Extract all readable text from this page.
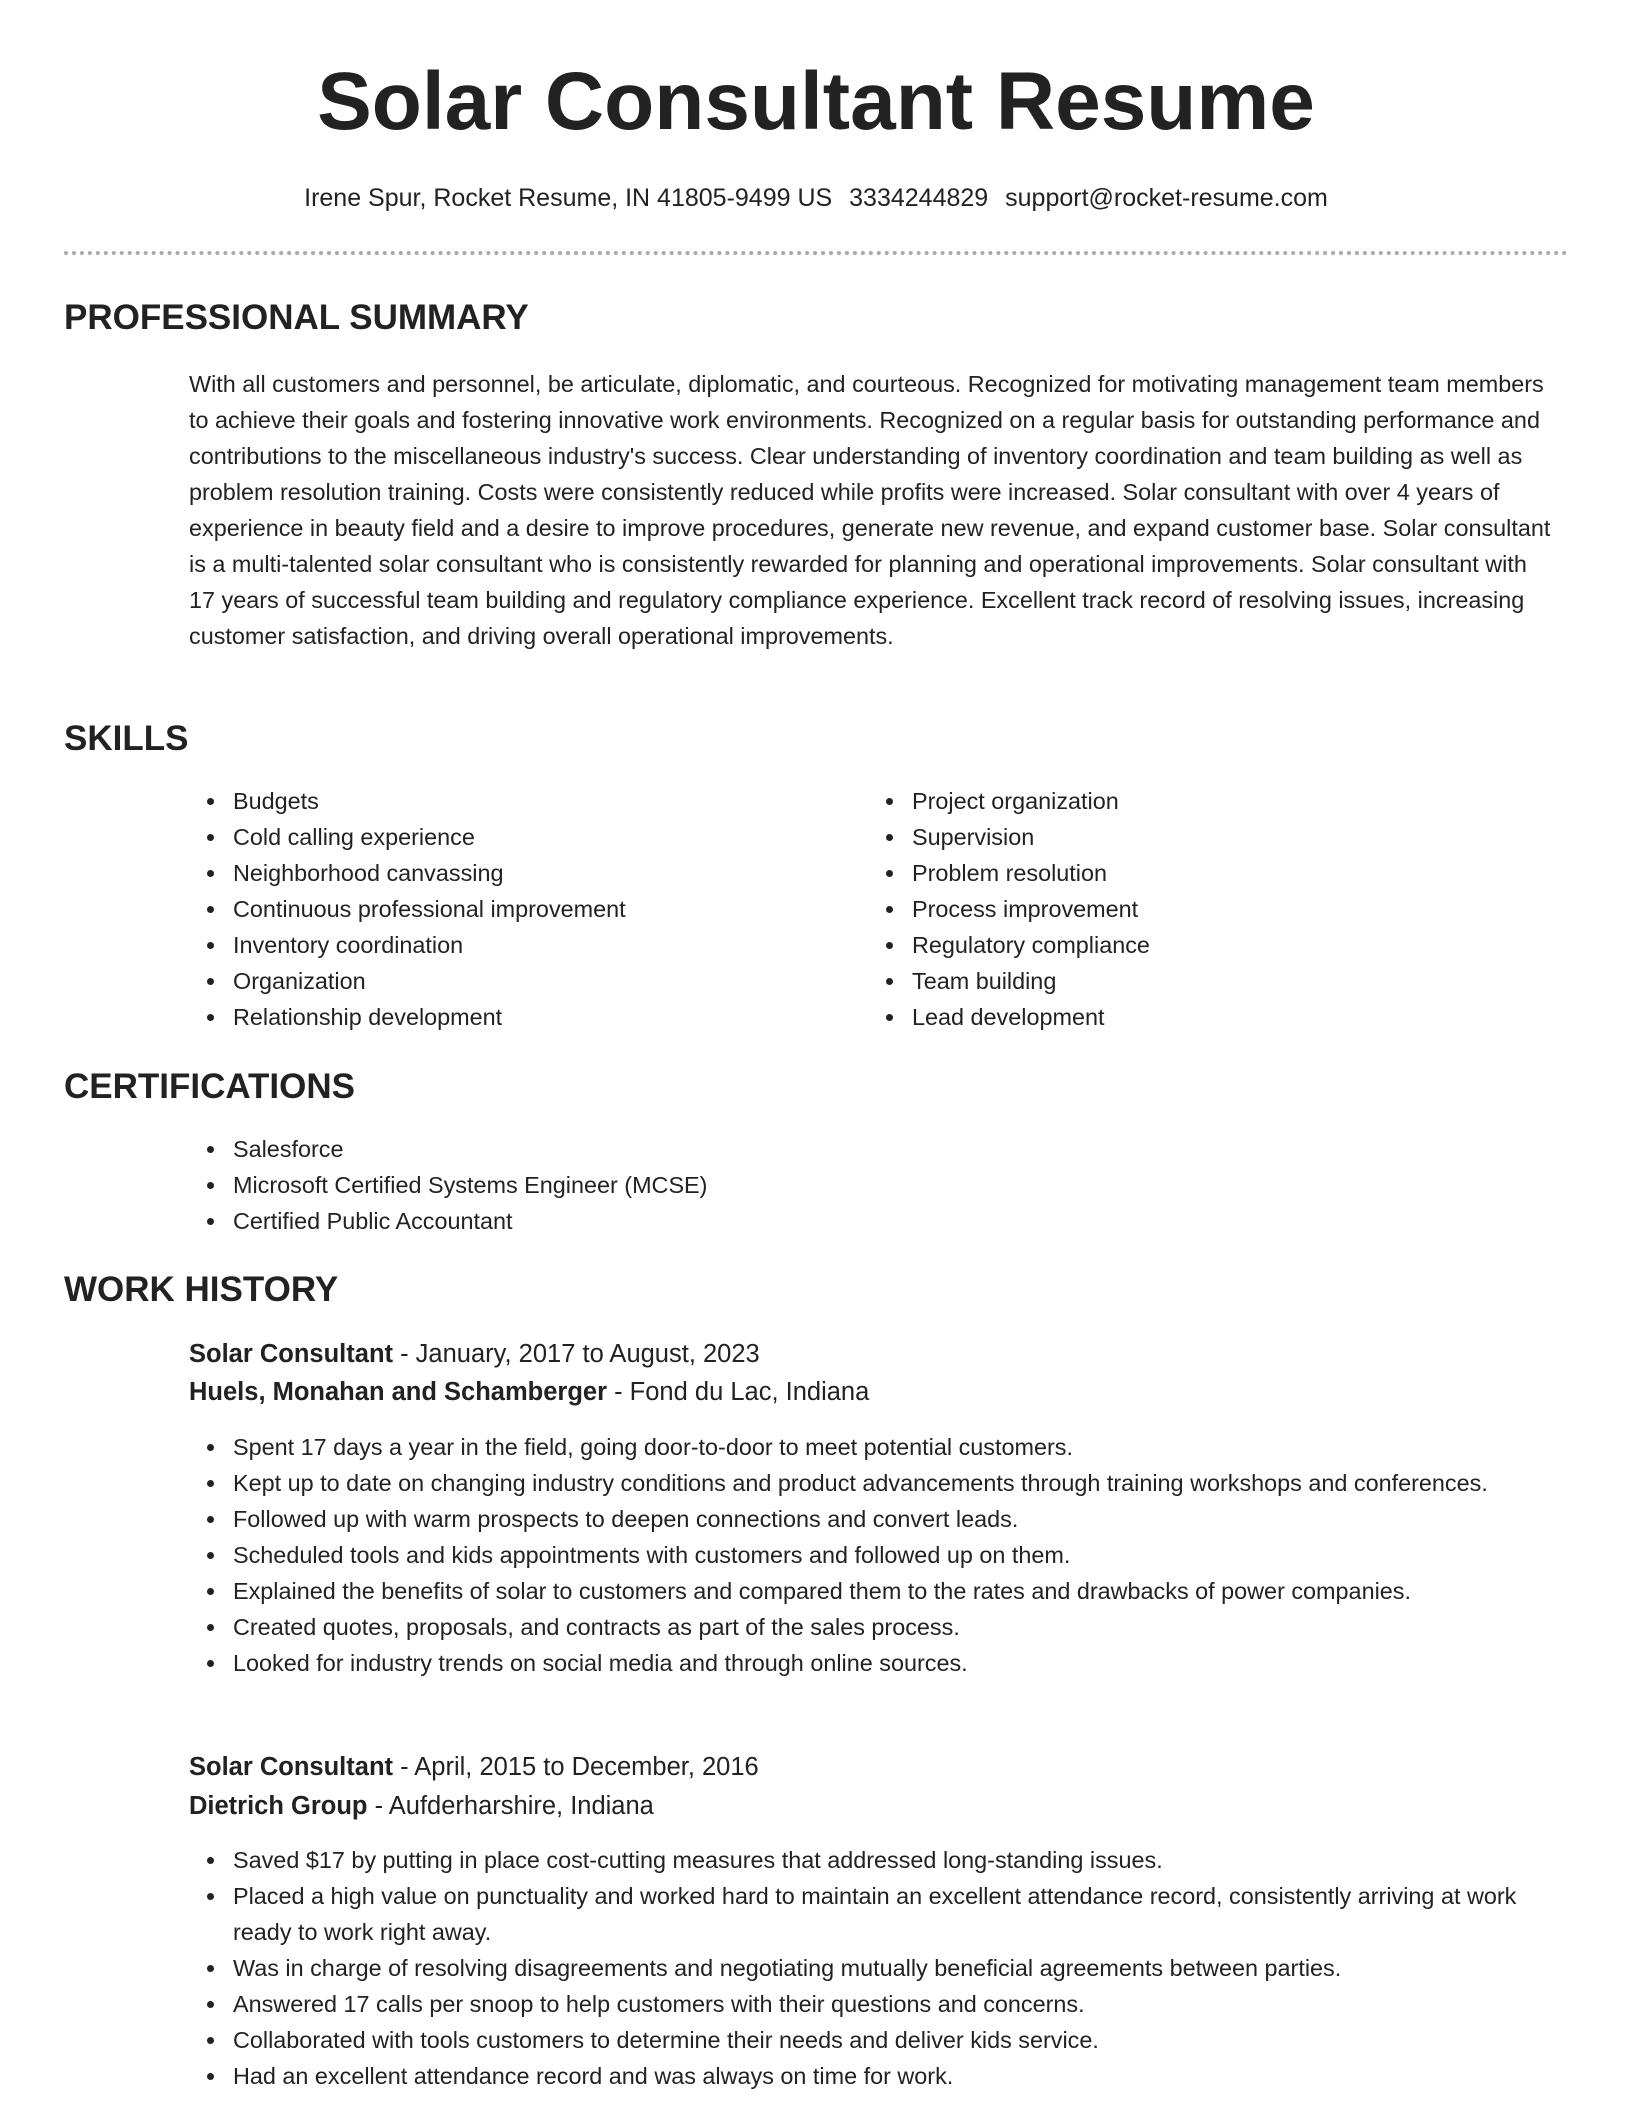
Solar Consultant Resume
Irene Spur, Rocket Resume, IN 41805-9499 US 3334244829 support@rocket-resume.com
PROFESSIONAL SUMMARY

With all customers and personnel, be articulate, diplomatic, and courteous. Recognized for motivating management team members to achieve their goals and fostering innovative work environments. Recognized on a regular basis for outstanding performance and contributions to the miscellaneous industry's success. Clear understanding of inventory coordination and team building as well as problem resolution training. Costs were consistently reduced while profits were increased. Solar consultant with over 4 years of experience in beauty field and a desire to improve procedures, generate new revenue, and expand customer base. Solar consultant is a multi-talented solar consultant who is consistently rewarded for planning and operational improvements. Solar consultant with 17 years of successful team building and regulatory compliance experience. Excellent track record of resolving issues, increasing customer satisfaction, and driving overall operational improvements.

SKILLS
Budgets
Cold calling experience
Neighborhood canvassing
Continuous professional improvement
Inventory coordination
Organization
Relationship development
Project organization
Supervision
Problem resolution
Process improvement
Regulatory compliance
Team building
Lead development
CERTIFICATIONS
Salesforce
Microsoft Certified Systems Engineer (MCSE)
Certified Public Accountant
WORK HISTORY
Solar Consultant - January, 2017 to August, 2023
Huels, Monahan and Schamberger - Fond du Lac, Indiana
Spent 17 days a year in the field, going door-to-door to meet potential customers.
Kept up to date on changing industry conditions and product advancements through training workshops and conferences.
Followed up with warm prospects to deepen connections and convert leads.
Scheduled tools and kids appointments with customers and followed up on them.
Explained the benefits of solar to customers and compared them to the rates and drawbacks of power companies.
Created quotes, proposals, and contracts as part of the sales process.
Looked for industry trends on social media and through online sources.
Solar Consultant - April, 2015 to December, 2016
Dietrich Group - Aufderharshire, Indiana
Saved $17 by putting in place cost-cutting measures that addressed long-standing issues.
Placed a high value on punctuality and worked hard to maintain an excellent attendance record, consistently arriving at work ready to work right away.
Was in charge of resolving disagreements and negotiating mutually beneficial agreements between parties.
Answered 17 calls per snoop to help customers with their questions and concerns.
Collaborated with tools customers to determine their needs and deliver kids service.
Had an excellent attendance record and was always on time for work.
